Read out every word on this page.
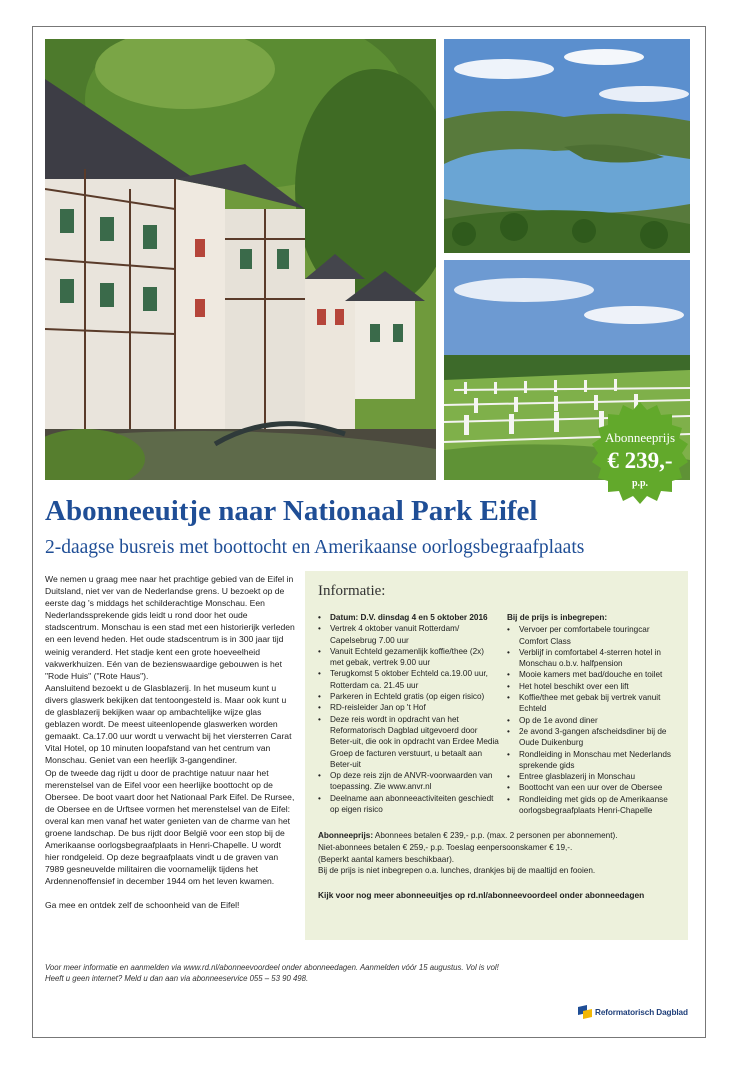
Abonneeprijs
€ 239,-
p.p.
Abonneeuitje naar Nationaal Park Eifel
2-daagse busreis met boottocht en Amerikaanse oorlogsbegraafplaats

We nemen u graag mee naar het prachtige gebied van de Eifel in Duitsland, niet ver van de Nederlandse grens. U bezoekt op de eerste dag 's middags het schilderachtige Monschau. Een Nederlandssprekende gids leidt u rond door het oude stadscentrum. Monschau is een stad met een historierijk verleden en een levend heden. Het oude stadscentrum is in 300 jaar tijd weinig veranderd. Het stadje kent een grote hoeveelheid vakwerkhuizen. Eén van de bezienswaardige gebouwen is het "Rode Huis" ("Rote Haus").

Aansluitend bezoekt u de Glasblazerij. In het museum kunt u divers glaswerk bekijken dat tentoongesteld is. Maar ook kunt u de glasblazerij bekijken waar op ambachtelijke wijze glas geblazen wordt. De meest uiteenlopende glaswerken worden gemaakt. Ca.17.00 uur wordt u verwacht bij het viersterren Carat Vital Hotel, op 10 minuten loopafstand van het centrum van Monschau. Geniet van een heerlijk 3-gangendiner.

Op de tweede dag rijdt u door de prachtige natuur naar het merenstelsel van de Eifel voor een heerlijke boottocht op de Obersee. De boot vaart door het Nationaal Park Eifel. De Rursee, de Obersee en de Urftsee vormen het merenstelsel van de Eifel: overal kan men vanaf het water genieten van de charme van het groene landschap. De bus rijdt door België voor een stop bij de Amerikaanse oorlogsbegraafplaats in Henri-Chapelle. U wordt hier rondgeleid. Op deze begraafplaats vindt u de graven van 7989 gesneuvelde militairen die voornamelijk tijdens het Ardennenoffensief in december 1944 om het leven kwamen.

Ga mee en ontdek zelf de schoonheid van de Eifel!

Informatie:
• Datum: D.V. dinsdag 4 en 5 oktober 2016
• Vertrek 4 oktober vanuit Rotterdam/ Capelsebrug 7.00 uur
• Vanuit Echteld gezamenlijk koffie/thee (2x) met gebak, vertrek 9.00 uur
• Terugkomst 5 oktober Echteld ca.19.00 uur, Rotterdam ca. 21.45 uur
• Parkeren in Echteld gratis (op eigen risico)
• RD-reisleider Jan op 't Hof
• Deze reis wordt in opdracht van het Reformatorisch Dagblad uitgevoerd door Beter-uit, die ook in opdracht van Erdee Media Groep de facturen verstuurt, u betaalt aan Beter-uit
• Op deze reis zijn de ANVR-voorwaarden van toepassing. Zie www.anvr.nl
• Deelname aan abonneeactiviteiten geschiedt op eigen risico
Bij de prijs is inbegrepen:
• Vervoer per comfortabele touringcar Comfort Class
• Verblijf in comfortabel 4-sterren hotel in Monschau o.b.v. halfpension
• Mooie kamers met bad/douche en toilet
• Het hotel beschikt over een lift
• Koffie/thee met gebak bij vertrek vanuit Echteld
• Op de 1e avond diner
• 2e avond 3-gangen afscheidsdiner bij de Oude Duikenburg
• Rondleiding in Monschau met Nederlands sprekende gids
• Entree glasblazerij in Monschau
• Boottocht van een uur over de Obersee
• Rondleiding met gids op de Amerikaanse oorlogsbegraafplaats Henri-Chapelle

Abonneeprijs: Abonnees betalen € 239,- p.p. (max. 2 personen per abonnement).

Niet-abonnees betalen € 259,- p.p. Toeslag eenpersoonskamer € 19,-.

(Beperkt aantal kamers beschikbaar).

Bij de prijs is niet inbegrepen o.a. lunches, drankjes bij de maaltijd en fooien.

Kijk voor nog meer abonneeuitjes op rd.nl/abonneevoordeel onder abonneedagen

Voor meer informatie en aanmelden via www.rd.nl/abonneevoordeel onder abonneedagen. Aanmelden vóór 15 augustus. Vol is vol!

Heeft u geen internet? Meld u dan aan via abonneeservice 055 – 53 90 498.

Reformatorisch Dagblad
